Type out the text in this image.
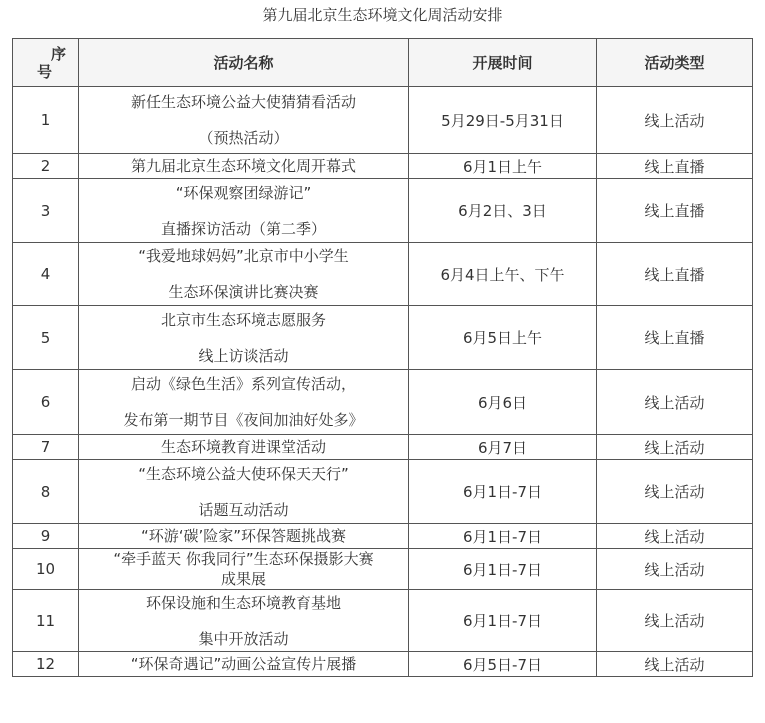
第九届北京生态环境文化周活动安排
序
号	活动名称	开展时间	活动类型
1	新任生态环境公益大使猜猜看活动
（预热活动）	5月29日-5月31日	线上活动
2	第九届北京生态环境文化周开幕式	6月1日上午	线上直播
3	“环保观察团绿游记”
直播探访活动（第二季）	6月2日、3日	线上直播
4	“我爱地球妈妈”北京市中小学生
生态环保演讲比赛决赛	6月4日上午、下午	线上直播
5	北京市生态环境志愿服务
线上访谈活动	6月5日上午	线上直播
6	启动《绿色生活》系列宣传活动，
发布第一期节目《夜间加油好处多》	6月6日	线上活动
7	生态环境教育进课堂活动	6月7日	线上活动
8	“生态环境公益大使环保天天行”
话题互动活动	6月1日-7日	线上活动
9	“环游‘碳’险家”环保答题挑战赛	6月1日-7日	线上活动
10	“牵手蓝天 你我同行”生态环保摄影大赛
成果展	6月1日-7日	线上活动
11	环保设施和生态环境教育基地
集中开放活动	6月1日-7日	线上活动
12	“环保奇遇记”动画公益宣传片展播	6月5日-7日	线上活动
